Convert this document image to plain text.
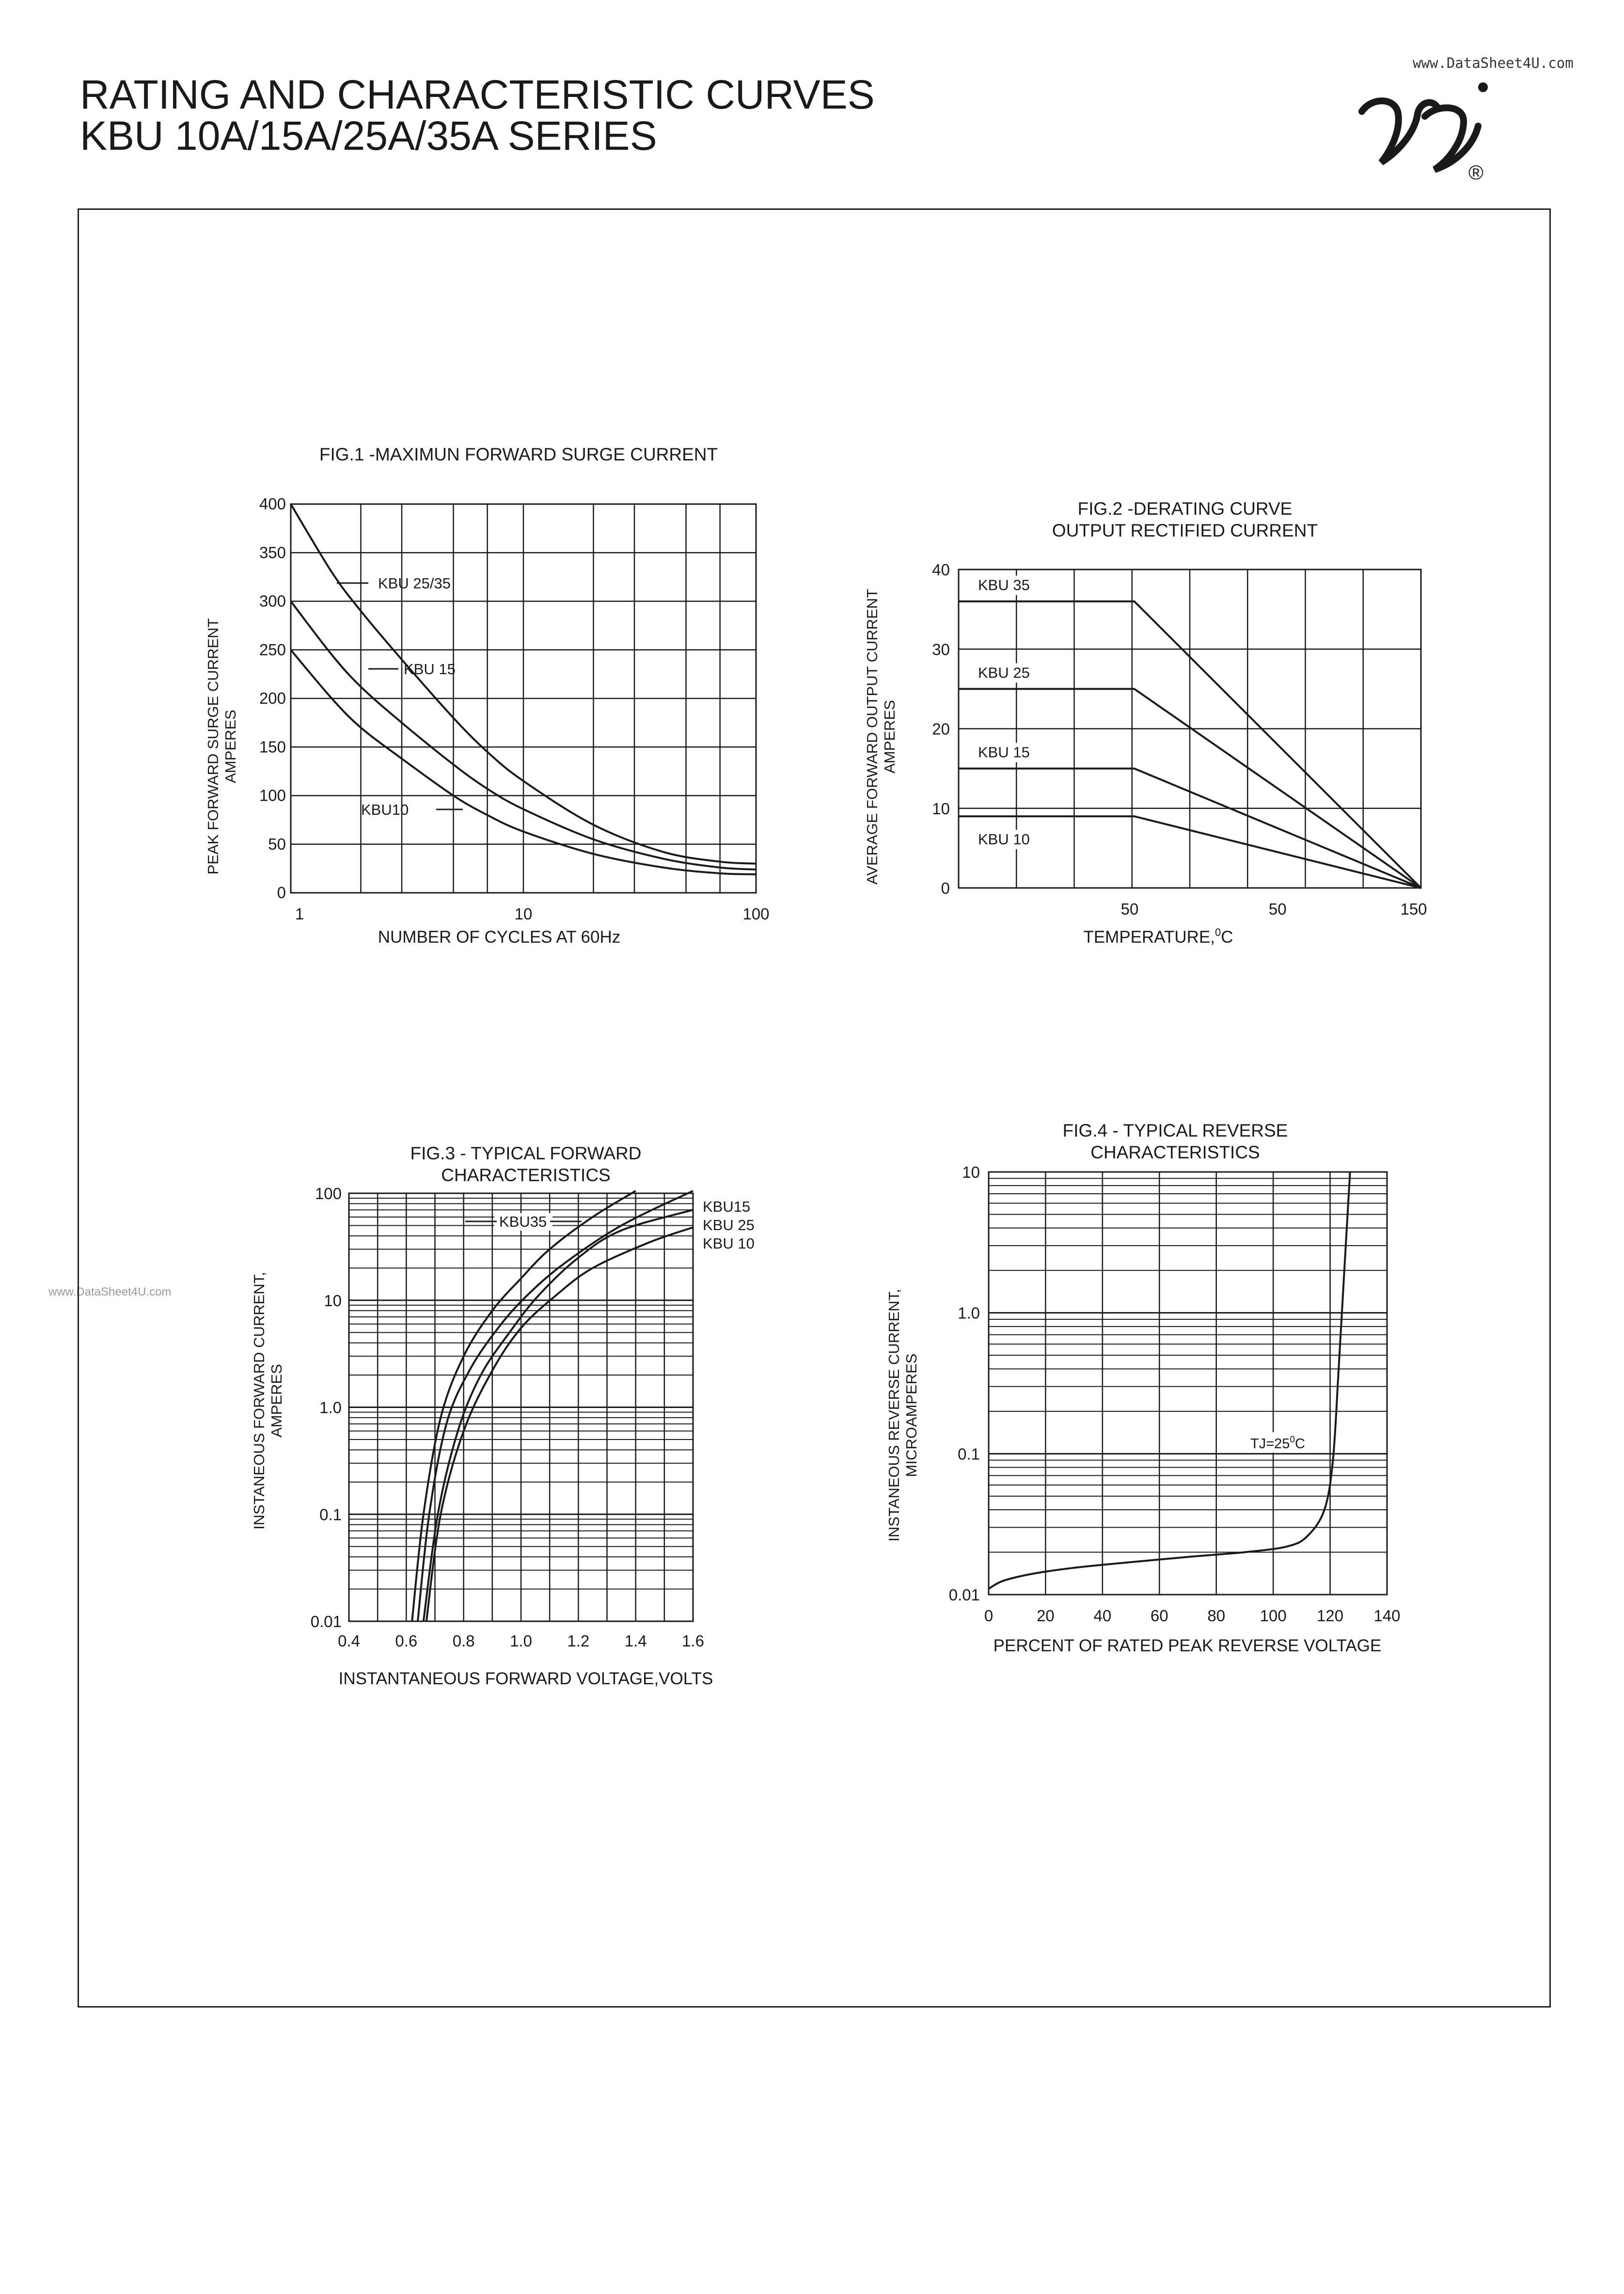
RATING AND CHARACTERISTIC CURVES
KBU 10A/15A/25A/35A SERIES
www.DataSheet4U.com
www.DataSheet4U.com
®
FIG.1 -MAXIMUN FORWARD SURGE CURRENT
PEAK FORWARD SURGE CURRENT AMPERES
NUMBER OF CYCLES AT 60Hz
0
50
100
150
200
250
300
350
400
1	10	100
KBU 25/35
KBU 15
KBU10
FIG.2 -DERATING CURVE
OUTPUT RECTIFIED CURRENT
AVERAGE FORWARD OUTPUT CURRENT AMPERES
TEMPERATURE,$^0$C
0
10
20
30
40
50	50	150
KBU 35
KBU 25
KBU 15
KBU 10
FIG.3 - TYPICAL FORWARD
CHARACTERISTICS
INSTANEOUS FORWARD CURRENT, AMPERES
INSTANTANEOUS FORWARD VOLTAGE,VOLTS
0.01
0.1
1.0
10
100
0.4 0.6 0.8 1.0 1.2 1.4 1.6
KBU15
KBU 25
KBU 10
KBU35
FIG.4 - TYPICAL REVERSE
CHARACTERISTICS
INSTANEOUS REVERSE CURRENT, MICROAMPERES
PERCENT OF RATED PEAK REVERSE VOLTAGE
0.01
0.1
1.0
10
0	20 40 60 80 100 120 140
$TJ=25^0C$
